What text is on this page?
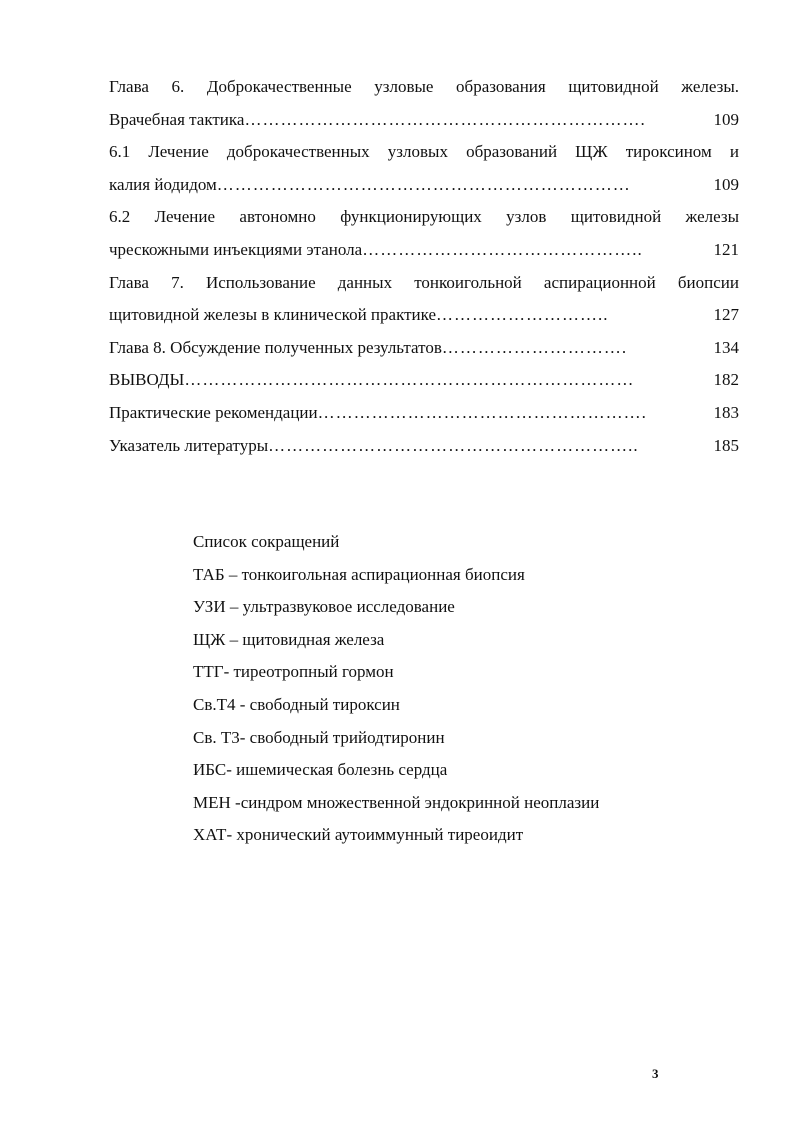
Глава 6. Доброкачественные узловые образования щитовидной железы.
Врачебная тактика ………………………………………………………….	109
6.1 Лечение доброкачественных узловых образований ЩЖ тироксином и
калия йодидом ……………………………………………………………	109
6.2 Лечение автономно функционирующих узлов щитовидной железы
чрескожными инъекциями этанола ………………………………………..	121
Глава 7. Использование данных тонкоигольной аспирационной биопсии
щитовидной железы в клинической практике ………………………..	127
Глава 8. Обсуждение полученных результатов ………………………….	134
ВЫВОДЫ …………………………………………………………………	182
Практические рекомендации ……………………………………………….	183
Указатель литературы ……………………………………………………..	185
Список сокращений
ТАБ – тонкоигольная аспирационная биопсия
УЗИ – ультразвуковое исследование
ЩЖ – щитовидная железа
ТТГ- тиреотропный гормон
Св.Т4 - свободный тироксин
Св. Т3- свободный трийодтиронин
ИБС- ишемическая болезнь сердца
МЕН -синдром множественной эндокринной неоплазии
ХАТ- хронический аутоиммунный тиреоидит
3
